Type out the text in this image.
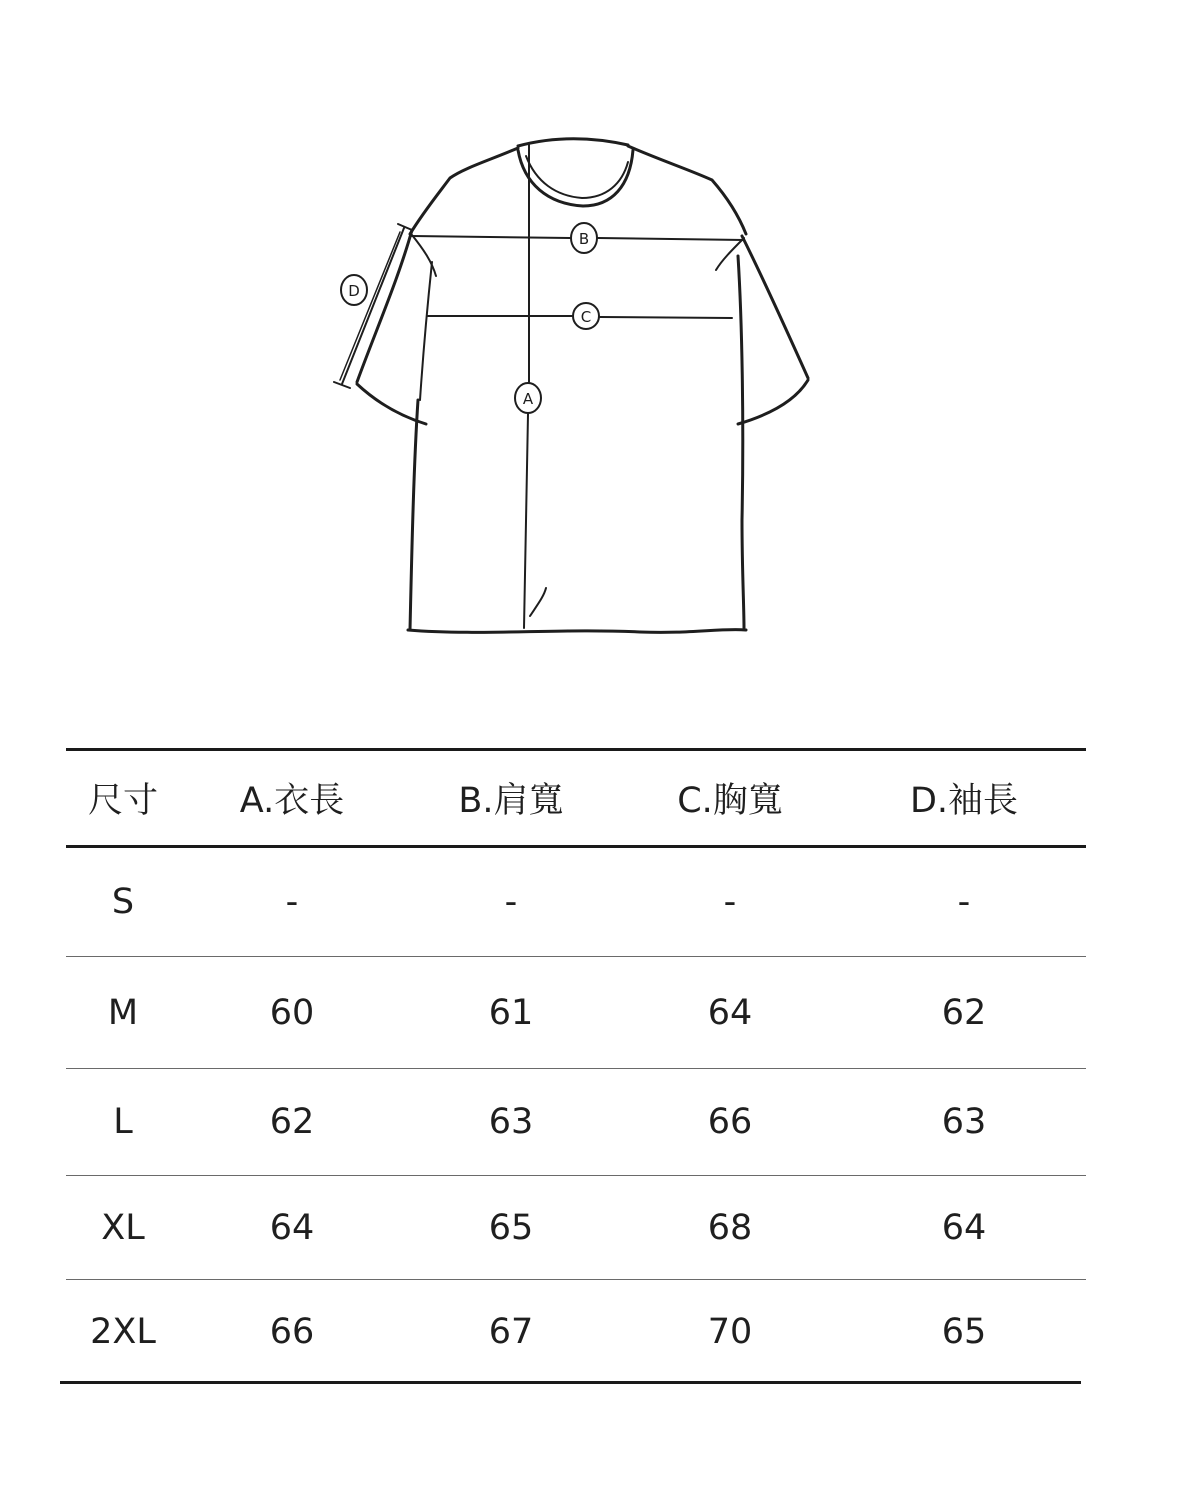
A
B
C
D
尺寸	A.衣長	B.肩寬	C.胸寬	D.袖長
S	-	-	-	-
M	60	61	64	62
L	62	63	66	63
XL	64	65	68	64
2XL	66	67	70	65
